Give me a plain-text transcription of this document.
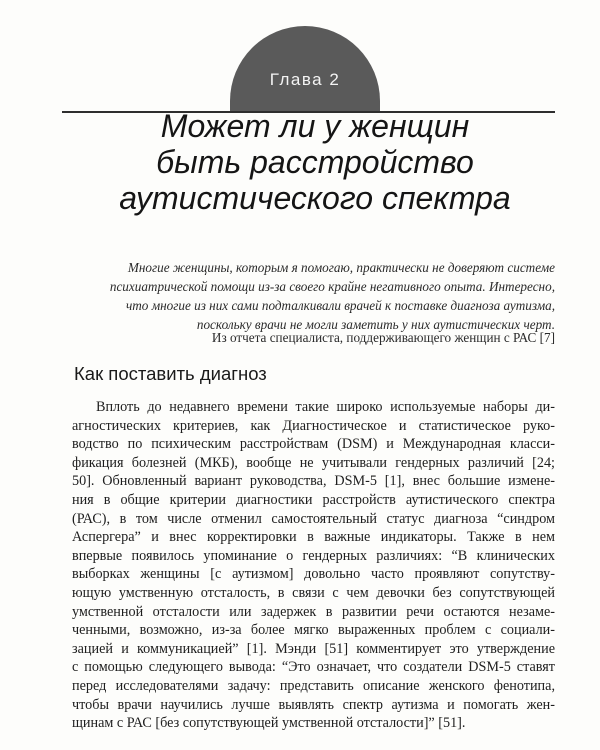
Глава 2
Может ли у женщин
быть расстройство
аутистического спектра
Многие женщины, которым я помогаю, практически не доверяют системе
психиатрической помощи из-за своего крайне негативного опыта. Интересно,
что многие из них сами подталкивали врачей к поставке диагноза аутизма,
поскольку врачи не могли заметить у них аутистических черт.
Из отчета специалиста, поддерживающего женщин с РАС [7]
Как поставить диагноз
Вплоть до недавнего времени такие широко используемые наборы ди-
агностических критериев, как Диагностическое и статистическое руко-
водство по психическим расстройствам (DSM) и Международная класси-
фикация болезней (МКБ), вообще не учитывали гендерных различий [24;
50]. Обновленный вариант руководства, DSM-5 [1], внес большие измене-
ния в общие критерии диагностики расстройств аутистического спектра
(РАС), в том числе отменил самостоятельный статус диагноза “синдром
Аспергера” и внес корректировки в важные индикаторы. Также в нем
впервые появилось упоминание о гендерных различиях: “В клинических
выборках женщины [с аутизмом] довольно часто проявляют сопутству-
ющую умственную отсталость, в связи с чем девочки без сопутствующей
умственной отсталости или задержек в развитии речи остаются незаме-
ченными, возможно, из-за более мягко выраженных проблем с социали-
зацией и коммуникацией” [1]. Мэнди [51] комментирует это утверждение
с помощью следующего вывода: “Это означает, что создатели DSM-5 ставят
перед исследователями задачу: представить описание женского фенотипа,
чтобы врачи научились лучше выявлять спектр аутизма и помогать жен-
щинам с РАС [без сопутствующей умственной отсталости]” [51].
